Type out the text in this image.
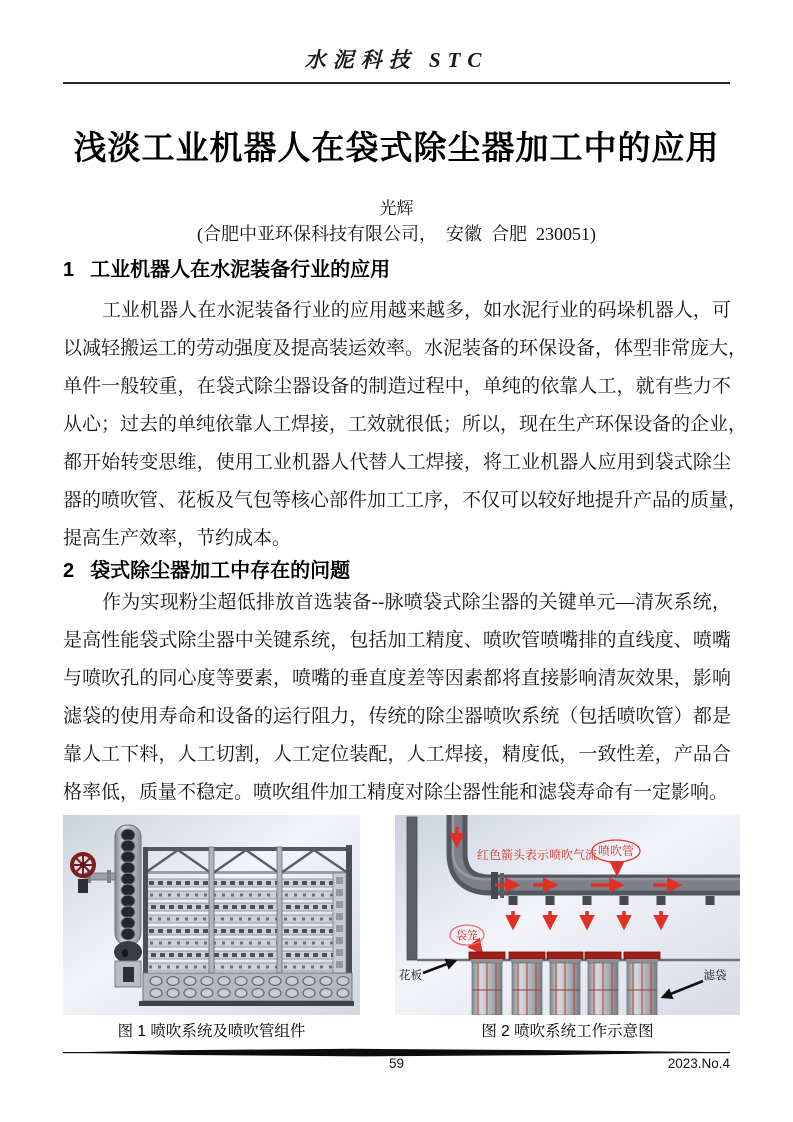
水泥科技 STC
浅淡工业机器人在袋式除尘器加工中的应用
光辉
(合肥中亚环保科技有限公司，  安徽  合肥  230051)
1 工业机器人在水泥装备行业的应用
工业机器人在水泥装备行业的应用越来越多，如水泥行业的码垛机器人，可
以减轻搬运工的劳动强度及提高装运效率。水泥装备的环保设备，体型非常庞大，
单件一般较重，在袋式除尘器设备的制造过程中，单纯的依靠人工，就有些力不
从心；过去的单纯依靠人工焊接，工效就很低；所以，现在生产环保设备的企业，
都开始转变思维，使用工业机器人代替人工焊接，将工业机器人应用到袋式除尘
器的喷吹管、花板及气包等核心部件加工工序，不仅可以较好地提升产品的质量，
提高生产效率，节约成本。
2 袋式除尘器加工中存在的问题
作为实现粉尘超低排放首选装备--脉喷袋式除尘器的关键单元—清灰系统，
是高性能袋式除尘器中关键系统，包括加工精度、喷吹管喷嘴排的直线度、喷嘴
与喷吹孔的同心度等要素，喷嘴的垂直度差等因素都将直接影响清灰效果，影响
滤袋的使用寿命和设备的运行阻力，传统的除尘器喷吹系统（包括喷吹管）都是
靠人工下料，人工切割，人工定位装配，人工焊接，精度低，一致性差，产品合
格率低，质量不稳定。喷吹组件加工精度对除尘器性能和滤袋寿命有一定影响。
红色箭头表示喷吹气流 喷吹管
袋笼
花板	滤袋
图 1 喷吹系统及喷吹管组件	图 2 喷吹系统工作示意图
59	2023.No.4
